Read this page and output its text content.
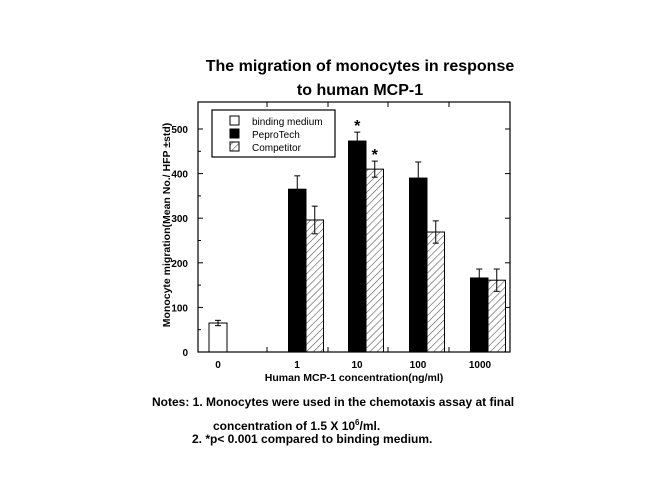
The migration of monocytes in response
to human MCP-1
*
*
0
100
200
300
400
500
0	1	10	100	1000
Human MCP-1 concentration(ng/ml)
Monocyte migration(Mean No./ HFP ±std)
binding medium
PeproTech
Competitor
Notes: 1. Monocytes were used in the chemotaxis assay at final
concentration of 1.5 X $10^6/ml$.
2. *p< 0.001 compared to binding medium.
